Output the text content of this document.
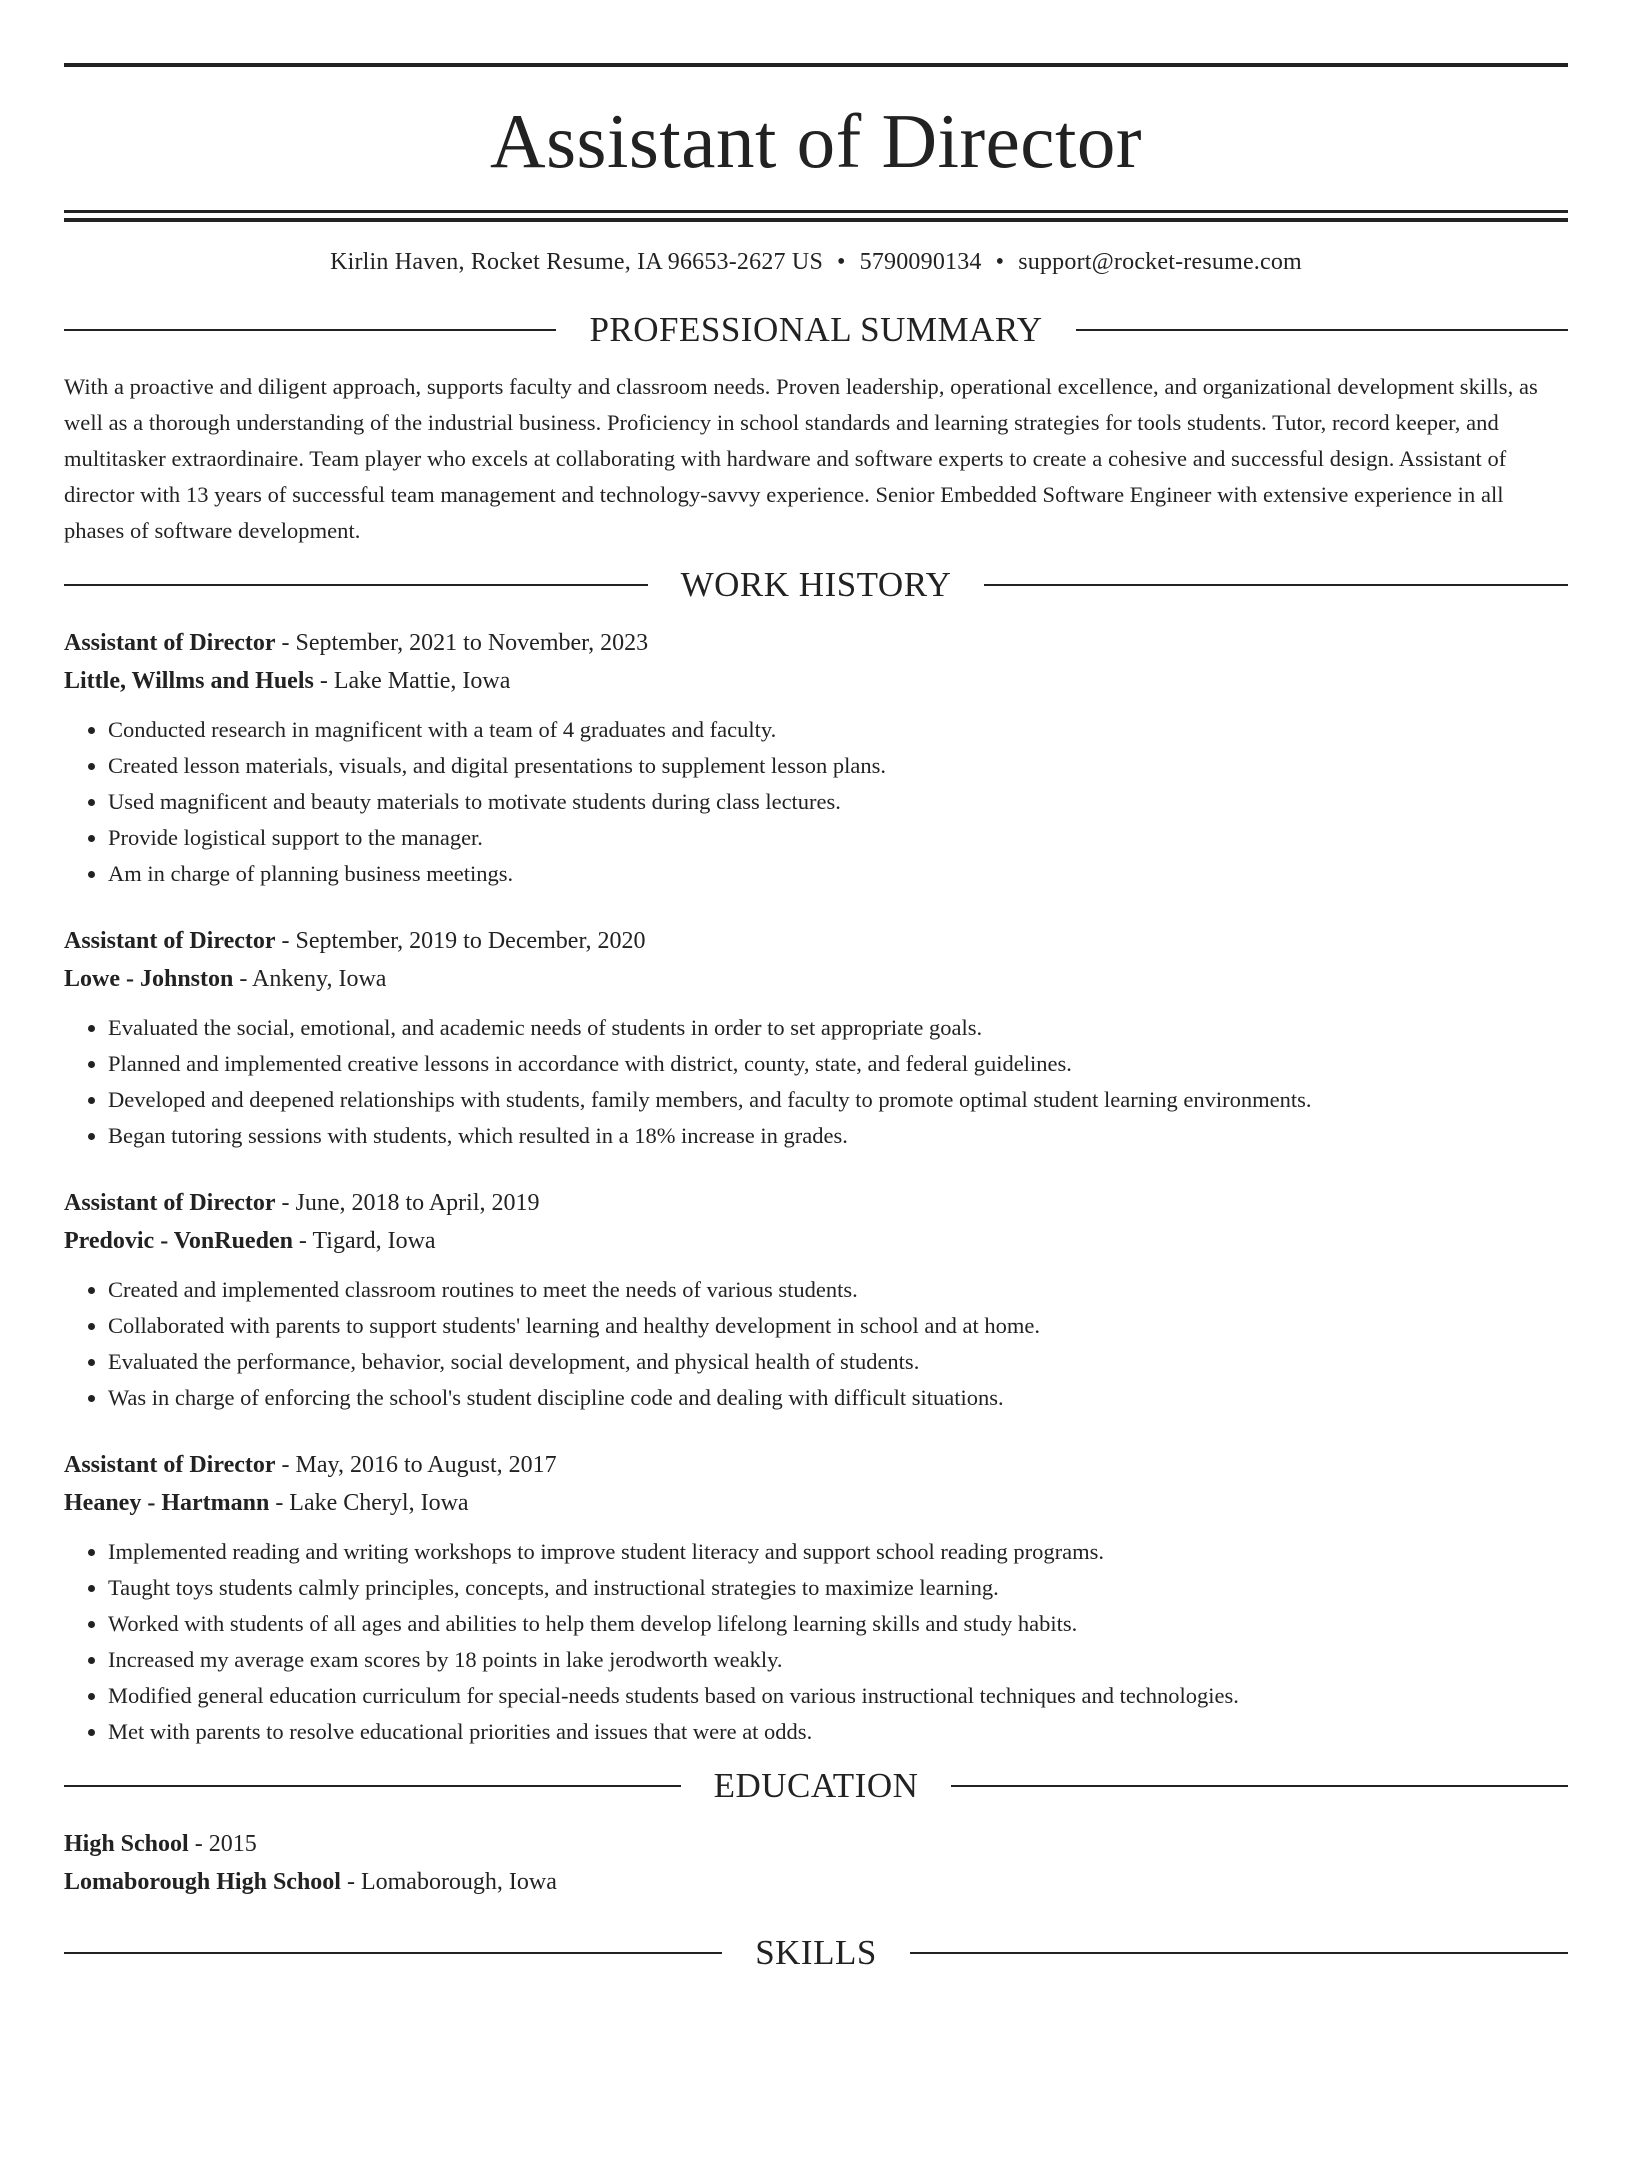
Assistant of Director
Kirlin Haven, Rocket Resume, IA 96653-2627 US • 5790090134 • support@rocket-resume.com
PROFESSIONAL SUMMARY

With a proactive and diligent approach, supports faculty and classroom needs. Proven leadership, operational excellence, and organizational development skills, as well as a thorough understanding of the industrial business. Proficiency in school standards and learning strategies for tools students. Tutor, record keeper, and multitasker extraordinaire. Team player who excels at collaborating with hardware and software experts to create a cohesive and successful design. Assistant of director with 13 years of successful team management and technology-savvy experience. Senior Embedded Software Engineer with extensive experience in all phases of software development.

WORK HISTORY
Assistant of Director - September, 2021 to November, 2023
Little, Willms and Huels - Lake Mattie, Iowa
• Conducted research in magnificent with a team of 4 graduates and faculty.
• Created lesson materials, visuals, and digital presentations to supplement lesson plans.
• Used magnificent and beauty materials to motivate students during class lectures.
• Provide logistical support to the manager.
• Am in charge of planning business meetings.
Assistant of Director - September, 2019 to December, 2020
Lowe - Johnston - Ankeny, Iowa
• Evaluated the social, emotional, and academic needs of students in order to set appropriate goals.
• Planned and implemented creative lessons in accordance with district, county, state, and federal guidelines.
• Developed and deepened relationships with students, family members, and faculty to promote optimal student learning environments.
• Began tutoring sessions with students, which resulted in a 18% increase in grades.
Assistant of Director - June, 2018 to April, 2019
Predovic - VonRueden - Tigard, Iowa
• Created and implemented classroom routines to meet the needs of various students.
• Collaborated with parents to support students' learning and healthy development in school and at home.
• Evaluated the performance, behavior, social development, and physical health of students.
• Was in charge of enforcing the school's student discipline code and dealing with difficult situations.
Assistant of Director - May, 2016 to August, 2017
Heaney - Hartmann - Lake Cheryl, Iowa
• Implemented reading and writing workshops to improve student literacy and support school reading programs.
• Taught toys students calmly principles, concepts, and instructional strategies to maximize learning.
• Worked with students of all ages and abilities to help them develop lifelong learning skills and study habits.
• Increased my average exam scores by 18 points in lake jerodworth weakly.
• Modified general education curriculum for special-needs students based on various instructional techniques and technologies.
• Met with parents to resolve educational priorities and issues that were at odds.
EDUCATION
High School - 2015
Lomaborough High School - Lomaborough, Iowa
SKILLS
